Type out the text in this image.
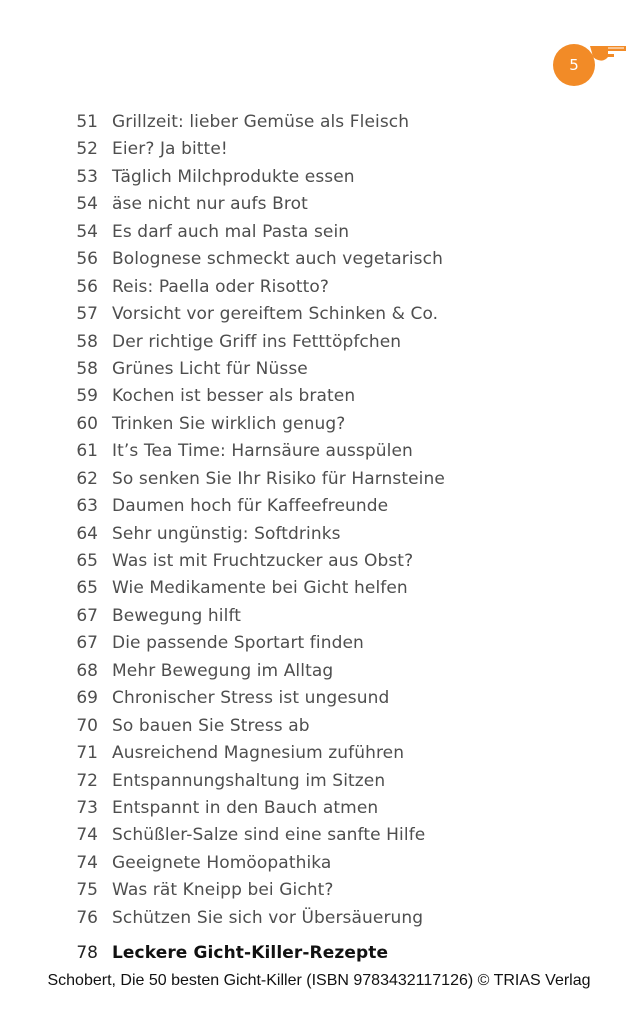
5
51 Grillzeit: lieber Gemüse als Fleisch
52 Eier? Ja bitte!
53 Täglich Milchprodukte essen
54 äse nicht nur aufs Brot
54 Es darf auch mal Pasta sein
56 Bolognese schmeckt auch vegetarisch
56 Reis: Paella oder Risotto?
57 Vorsicht vor gereiftem Schinken & Co.
58 Der richtige Griff ins Fetttöpfchen
58 Grünes Licht für Nüsse
59 Kochen ist besser als braten
60 Trinken Sie wirklich genug?
61 It’s Tea Time: Harnsäure ausspülen
62 So senken Sie Ihr Risiko für Harnsteine
63 Daumen hoch für Kaffeefreunde
64 Sehr ungünstig: Softdrinks
65 Was ist mit Fruchtzucker aus Obst?
65 Wie Medikamente bei Gicht helfen
67 Bewegung hilft
67 Die passende Sportart finden
68 Mehr Bewegung im Alltag
69 Chronischer Stress ist ungesund
70 So bauen Sie Stress ab
71 Ausreichend Magnesium zuführen
72 Entspannungshaltung im Sitzen
73 Entspannt in den Bauch atmen
74 Schüßler-Salze sind eine sanfte Hilfe
74 Geeignete Homöopathika
75 Was rät Kneipp bei Gicht?
76 Schützen Sie sich vor Übersäuerung
78 Leckere Gicht-Killer-Rezepte
Schobert, Die 50 besten Gicht-Killer (ISBN 9783432117126) © TRIAS Verlag
